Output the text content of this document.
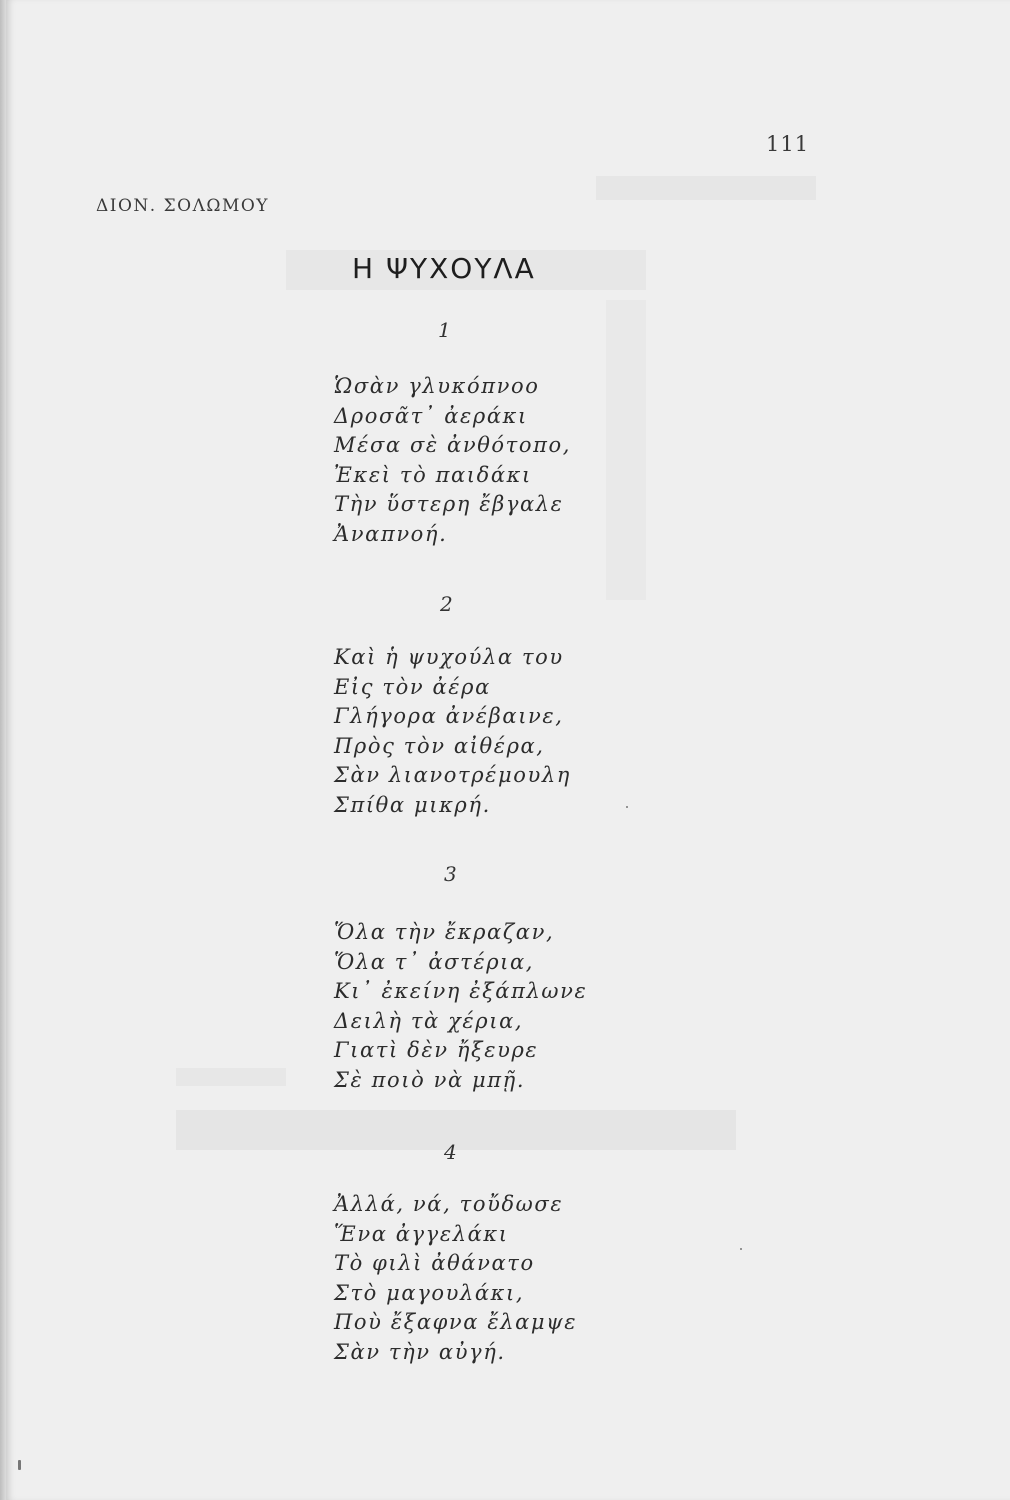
111
ΔΙΟΝ. ΣΟΛΩΜΟΥ
Η ΨΥΧΟΥΛΑ
1
Ὡσὰν γλυκόπνοο
Δροσᾶτ᾽ ἀεράκι
Μέσα σὲ ἀνθότοπο,
Ἐκεὶ τὸ παιδάκι
Τὴν ὕστερη ἔβγαλε
Ἀναπνοή.
2
Καὶ ἡ ψυχούλα του
Εἰς τὸν ἀέρα
Γλήγορα ἀνέβαινε,
Πρὸς τὸν αἰθέρα,
Σὰν λιανοτρέμουλη
Σπίθα μικρή.
3
Ὅλα τὴν ἔκραζαν,
Ὅλα τ᾽ ἀστέρια,
Κι᾽ ἐκείνη ἐξάπλωνε
Δειλὴ τὰ χέρια,
Γιατὶ δὲν ἤξευρε
Σὲ ποιὸ νὰ μπῇ.
4
Ἀλλά, νά, τοὔδωσε
Ἕνα ἀγγελάκι
Τὸ φιλὶ ἀθάνατο
Στὸ μαγουλάκι,
Ποὺ ἔξαφνα ἔλαμψε
Σὰν τὴν αὐγή.
